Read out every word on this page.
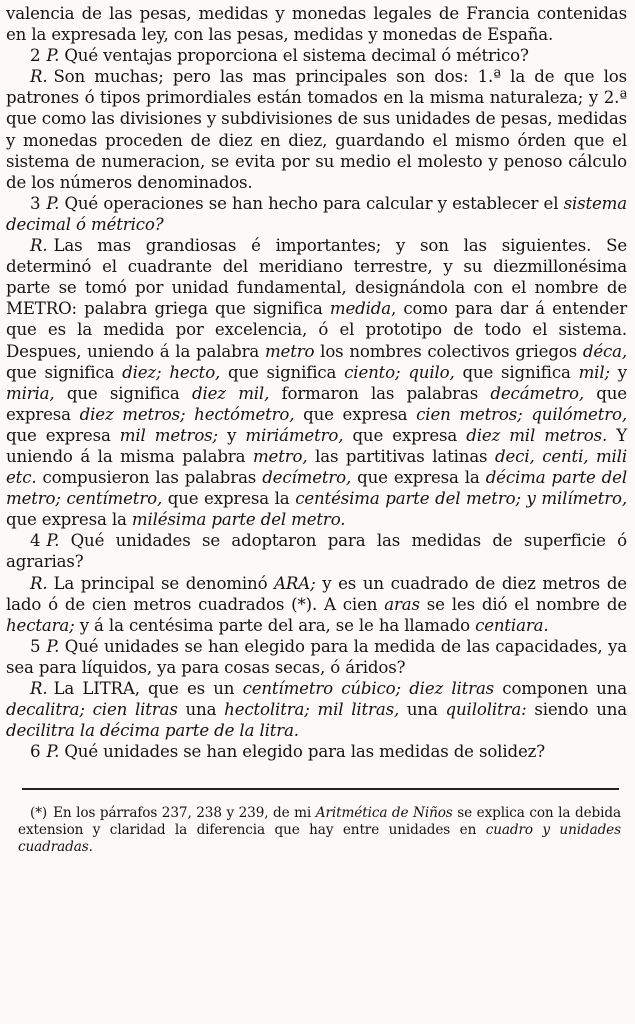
valencia de las pesas, medidas y monedas legales de Francia contenidas en la expresada ley, con las pesas, medidas y monedas de España.

2 P. Qué ventajas proporciona el sistema decimal ó métrico?

R. Son muchas; pero las mas principales son dos: 1.ª la de que los patrones ó tipos primordiales están tomados en la misma naturaleza; y 2.ª que como las divisiones y subdivisiones de sus unidades de pesas, medidas y monedas proceden de diez en diez, guardando el mismo órden que el sistema de numeracion, se evita por su medio el molesto y penoso cálculo de los números denominados.

3 P. Qué operaciones se han hecho para calcular y establecer el sistema decimal ó métrico?

R. Las mas grandiosas é importantes; y son las siguientes. Se determinó el cuadrante del meridiano terrestre, y su diezmillonésima parte se tomó por unidad fundamental, designándola con el nombre de METRO: palabra griega que significa medida, como para dar á entender que es la medida por excelencia, ó el prototipo de todo el sistema. Despues, uniendo á la palabra metro los nombres colectivos griegos déca, que significa diez; hecto, que significa ciento; quilo, que significa mil; y miria, que significa diez mil, formaron las palabras decámetro, que expresa diez metros; hectómetro, que expresa cien metros; quilómetro, que expresa mil metros; y miriámetro, que expresa diez mil metros. Y uniendo á la misma palabra metro, las partitivas latinas deci, centi, mili etc. compusieron las palabras decímetro, que expresa la décima parte del metro; centímetro, que expresa la centésima parte del metro; y milímetro, que expresa la milésima parte del metro.

4 P. Qué unidades se adoptaron para las medidas de superficie ó agrarias?

R. La principal se denominó ARA; y es un cuadrado de diez metros de lado ó de cien metros cuadrados (*). A cien aras se les dió el nombre de hectara; y á la centésima parte del ara, se le ha llamado centiara.

5 P. Qué unidades se han elegido para la medida de las capacidades, ya sea para líquidos, ya para cosas secas, ó áridos?

R. La LITRA, que es un centímetro cúbico; diez litras componen una decalitra; cien litras una hectolitra; mil litras, una quilolitra: siendo una decilitra la décima parte de la litra.

6 P. Qué unidades se han elegido para las medidas de solidez?

(*) En los párrafos 237, 238 y 239, de mi Aritmética de Niños se explica con la debida extension y claridad la diferencia que hay entre unidades en cuadro y unidades cuadradas.
